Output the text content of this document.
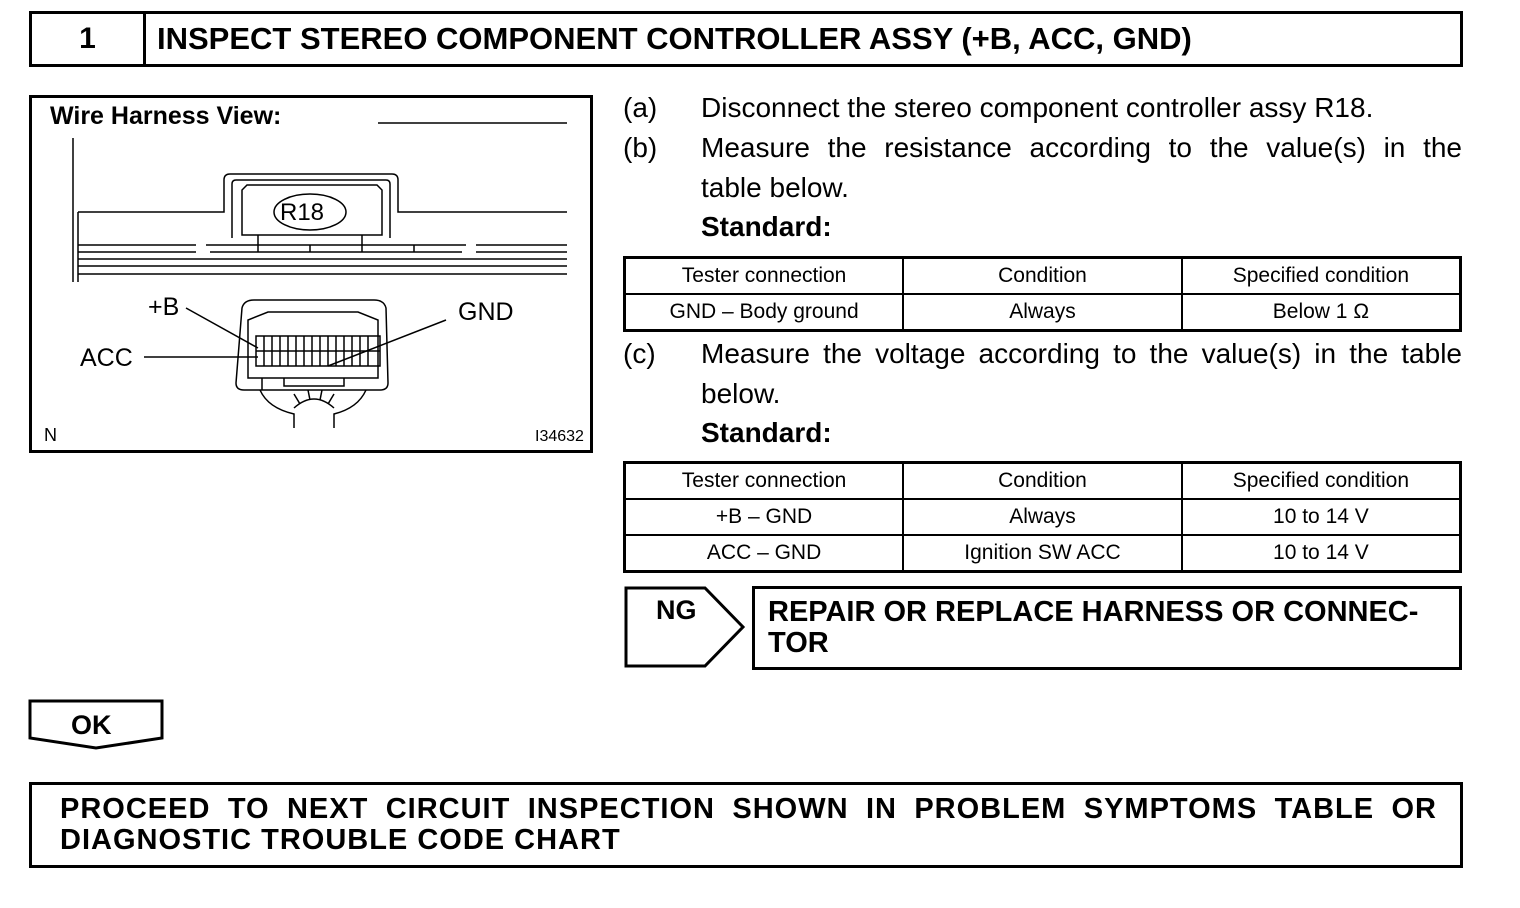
1	INSPECT STEREO COMPONENT CONTROLLER ASSY (+B, ACC, GND)
Wire Harness View:
R18
+B
ACC
GND
N	I34632
(a) Disconnect the stereo component controller assy R18.
(b) Measure the resistance according to the value(s) in the
table below.
Standard:
Tester connection	Condition	Specified condition
GND – Body ground	Always	Below 1 Ω
(c) Measure the voltage according to the value(s) in the table
below.
Standard:
Tester connection	Condition	Specified condition
+B – GND	Always	10 to 14 V
ACC – GND	Ignition SW ACC	10 to 14 V
NG REPAIR OR REPLACE HARNESS OR CONNEC-
TOR
OK
PROCEED TO NEXT CIRCUIT INSPECTION SHOWN IN PROBLEM SYMPTOMS TABLE OR
DIAGNOSTIC TROUBLE CODE CHART
